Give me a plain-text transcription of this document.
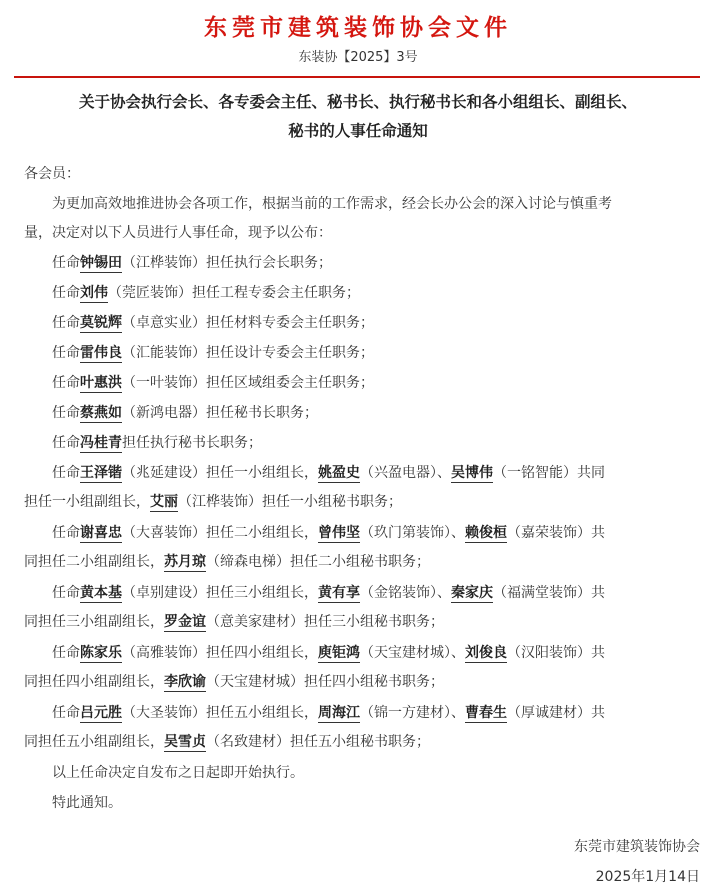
东莞市建筑装饰协会文件
东装协【2025】3号
关于协会执行会长、各专委会主任、秘书长、执行秘书长和各小组组长、副组长、
秘书的人事任命通知
各会员：
为更加高效地推进协会各项工作，根据当前的工作需求，经会长办公会的深入讨论与慎重考
量，决定对以下人员进行人事任命，现予以公布：
任命钟锡田（江桦装饰）担任执行会长职务；
任命刘伟（莞匠装饰）担任工程专委会主任职务；
任命莫锐辉（卓意实业）担任材料专委会主任职务；
任命雷伟良（汇能装饰）担任设计专委会主任职务；
任命叶惠洪（一叶装饰）担任区域组委会主任职务；
任命蔡燕如（新鸿电器）担任秘书长职务；
任命冯桂青担任执行秘书长职务；
任命王泽锴（兆延建设）担任一小组组长，姚盈史（兴盈电器）、吴博伟（一铭智能）共同
担任一小组副组长，艾丽（江桦装饰）担任一小组秘书职务；
任命谢喜忠（大喜装饰）担任二小组组长，曾伟坚（玖门第装饰）、赖俊桓（嘉荣装饰）共
同担任二小组副组长，苏月琼（缔森电梯）担任二小组秘书职务；
任命黄本基（卓别建设）担任三小组组长，黄有享（金铭装饰）、秦家庆（福满堂装饰）共
同担任三小组副组长，罗金谊（意美家建材）担任三小组秘书职务；
任命陈家乐（高雅装饰）担任四小组组长，庾钜鸿（天宝建材城）、刘俊良（汉阳装饰）共
同担任四小组副组长，李欣谕（天宝建材城）担任四小组秘书职务；
任命吕元胜（大圣装饰）担任五小组组长，周海江（锦一方建材）、曹春生（厚诚建材）共
同担任五小组副组长，吴雪贞（名致建材）担任五小组秘书职务；
以上任命决定自发布之日起即开始执行。
特此通知。
东莞市建筑装饰协会
2025年1月14日
